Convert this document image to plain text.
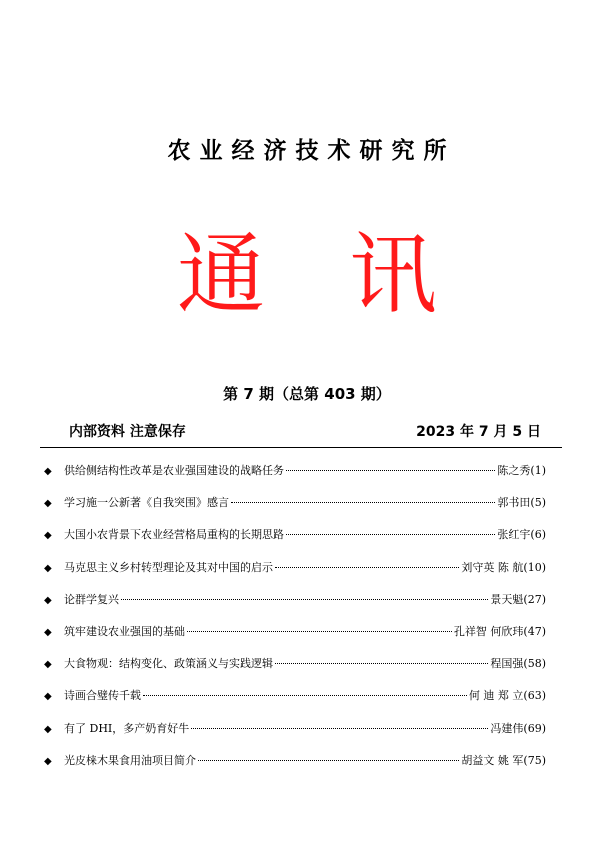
农业经济技术研究所
通 讯
第 7 期（总第 403 期）
内部资料 注意保存	2023 年 7 月 5 日
◆	供给侧结构性改革是农业强国建设的战略任务	陈之秀 (1)
◆	学习施一公新著《自我突围》感言	郭书田 (5)
◆	大国小农背景下农业经营格局重构的长期思路	张红宇 (6)
◆	马克思主义乡村转型理论及其对中国的启示	刘守英 陈 航 (10)
◆	论群学复兴	景天魁 (27)
◆	筑牢建设农业强国的基础	孔祥智 何欣玮 (47)
◆	大食物观：结构变化、政策涵义与实践逻辑	程国强 (58)
◆	诗画合璧传千载	何 迪 郑 立 (63)
◆	有了 DHI，多产奶育好牛	冯建伟 (69)
◆	光皮梾木果食用油项目简介	胡益文 姚 军 (75)
